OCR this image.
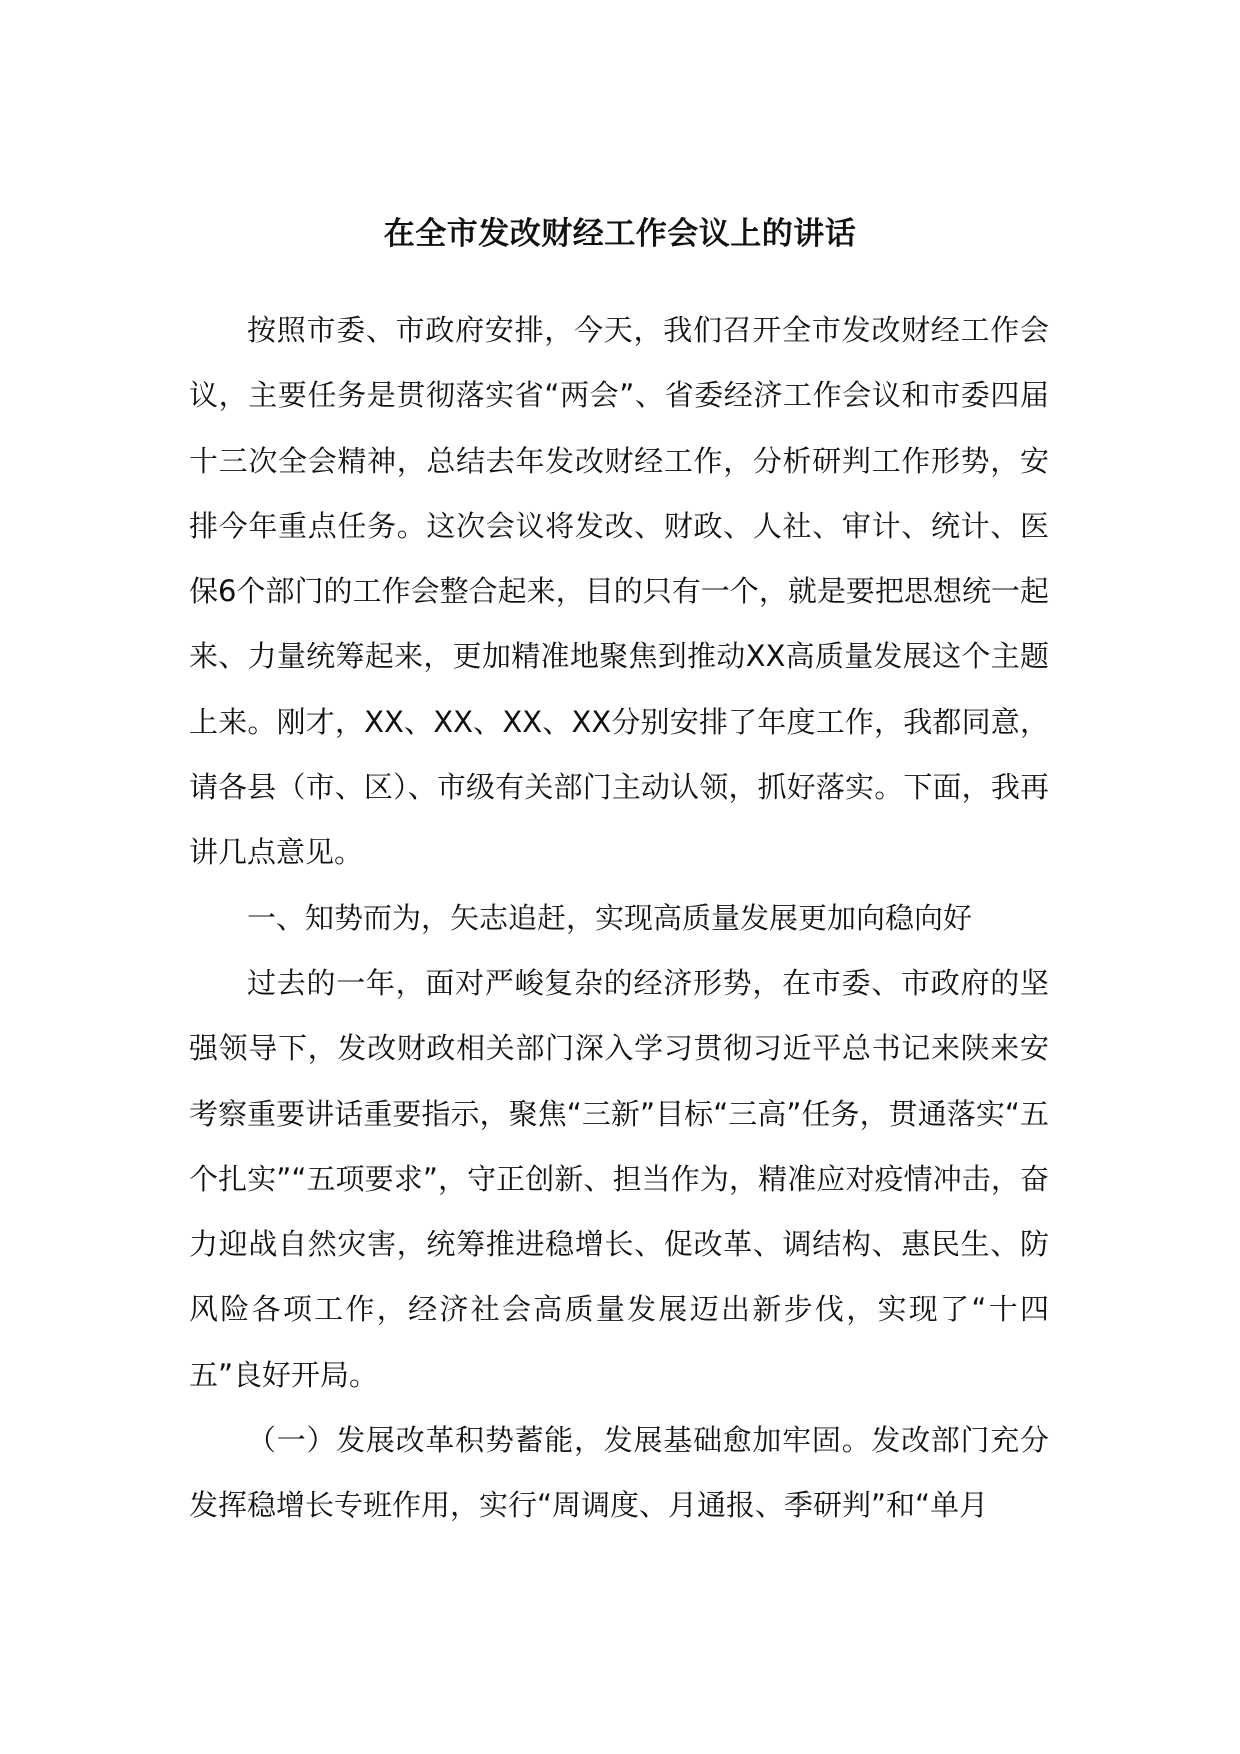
在全市发改财经工作会议上的讲话

按照市委、市政府安排，今天，我们召开全市发改财经工作会议，主要任务是贯彻落实省“两会”、省委经济工作会议和市委四届十三次全会精神，总结去年发改财经工作，分析研判工作形势，安排今年重点任务。这次会议将发改、财政、人社、审计、统计、医保6个部门的工作会整合起来，目的只有一个，就是要把思想统一起来、力量统筹起来，更加精准地聚焦到推动XX高质量发展这个主题上来。刚才，XX、XX、XX、XX分别安排了年度工作，我都同意，请各县（市、区）、市级有关部门主动认领，抓好落实。下面，我再讲几点意见。

一、知势而为，矢志追赶，实现高质量发展更加向稳向好

过去的一年，面对严峻复杂的经济形势，在市委、市政府的坚强领导下，发改财政相关部门深入学习贯彻习近平总书记来陕来安考察重要讲话重要指示，聚焦“三新”目标“三高”任务，贯通落实“五个扎实”“五项要求”，守正创新、担当作为，精准应对疫情冲击，奋力迎战自然灾害，统筹推进稳增长、促改革、调结构、惠民生、防风险各项工作，经济社会高质量发展迈出新步伐，实现了“十四五”良好开局。

（一）发展改革积势蓄能，发展基础愈加牢固。发改部门充分发挥稳增长专班作用，实行“周调度、月通报、季研判”和“单月
